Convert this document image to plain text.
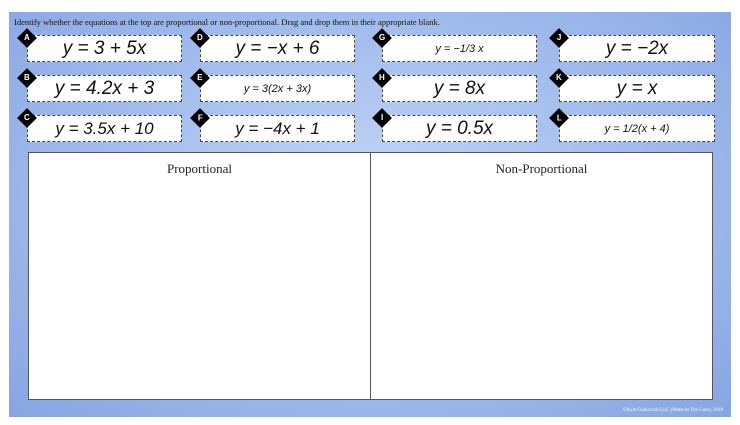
Identify whether the equations at the top are proportional or non-proportional. Drag and drop them in their appropriate blank.
A y = 3 + 5x
B y = 4.2x + 3
C
y = 3.5x + 10
D y = −x + 6
E
y = 3(2x + 3x)
F
y = −4x + 1
G
y = −1/3 x
H	y = 8x
I
y = 0.5x
J
y = −2x
K	y = x
L
y = 1/2(x + 4)
Proportional	Non-Proportional
©Kyle Gurkovich LLC (Math At The Core), 2018
